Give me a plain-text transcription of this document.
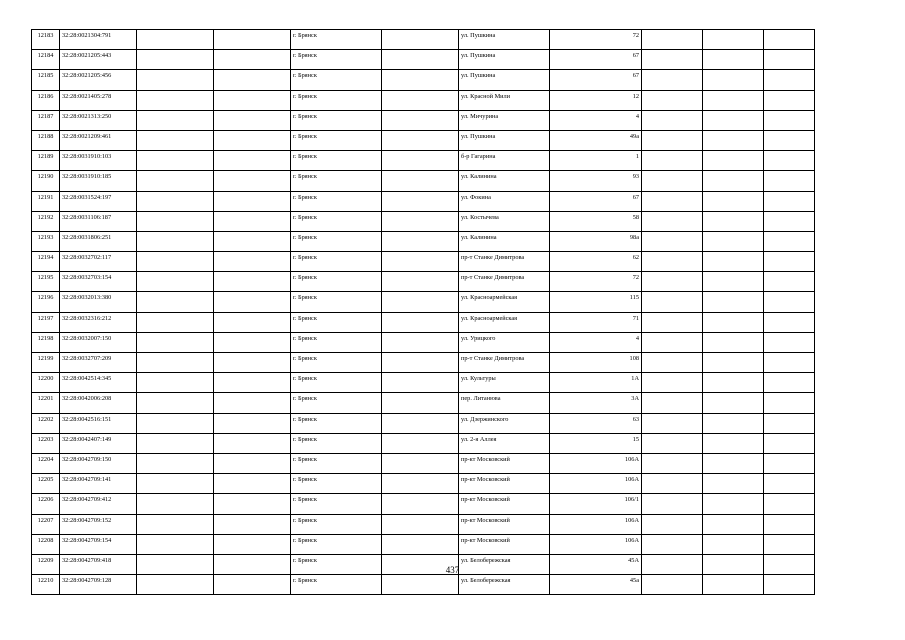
12183	32:28:0021304:791			г. Брянск		ул. Пушкина	72			
12184	32:28:0021205:443			г. Брянск		ул. Пушкина	67			
12185	32:28:0021205:456			г. Брянск		ул. Пушкина	67			
12186	32:28:0021405:278			г. Брянск		ул. Красной Мили	12			
12187	32:28:0021313:250			г. Брянск		ул. Мичурина	4			
12188	32:28:0021209:461			г. Брянск		ул. Пушкина	49а			
12189	32:28:0031910:103			г. Брянск		б-р Гагарина	1			
12190	32:28:0031910:185			г. Брянск		ул. Калинина	93			
12191	32:28:0031524:197			г. Брянск		ул. Фокина	67			
12192	32:28:0031106:187			г. Брянск		ул. Костычева	58			
12193	32:28:0031806:251			г. Брянск		ул. Калинина	98а			
12194	32:28:0032702:117			г. Брянск		пр-т Станке Димитрова	62			
12195	32:28:0032703:154			г. Брянск		пр-т Станке Димитрова	72			
12196	32:28:0032013:380			г. Брянск		ул. Красноармейская	115			
12197	32:28:0032316:212			г. Брянск		ул. Красноармейская	71			
12198	32:28:0032007:150			г. Брянск		ул. Урицкого	4			
12199	32:28:0032707:209			г. Брянск		пр-т Станке Димитрова	108			
12200	32:28:0042514:345			г. Брянск		ул. Культуры	1А			
12201	32:28:0042006:208			г. Брянск		пер. Литанюва	3А			
12202	32:28:0042516:151			г. Брянск		ул. Дзержинского	63			
12203	32:28:0042407:149			г. Брянск		ул. 2-я Аллея	15			
12204	32:28:0042709:150			г. Брянск		пр-кт Московский	106А			
12205	32:28:0042709:141			г. Брянск		пр-кт Московский	106А			
12206	32:28:0042709:412			г. Брянск		пр-кт Московский	106/1			
12207	32:28:0042709:152			г. Брянск		пр-кт Московский	106А			
12208	32:28:0042709:154			г. Брянск		пр-кт Московский	106А			
12209	32:28:0042709:418			г. Брянск		ул. Белобережская	45А			
12210	32:28:0042709:128			г. Брянск		ул. Белобережская	45а			
437
